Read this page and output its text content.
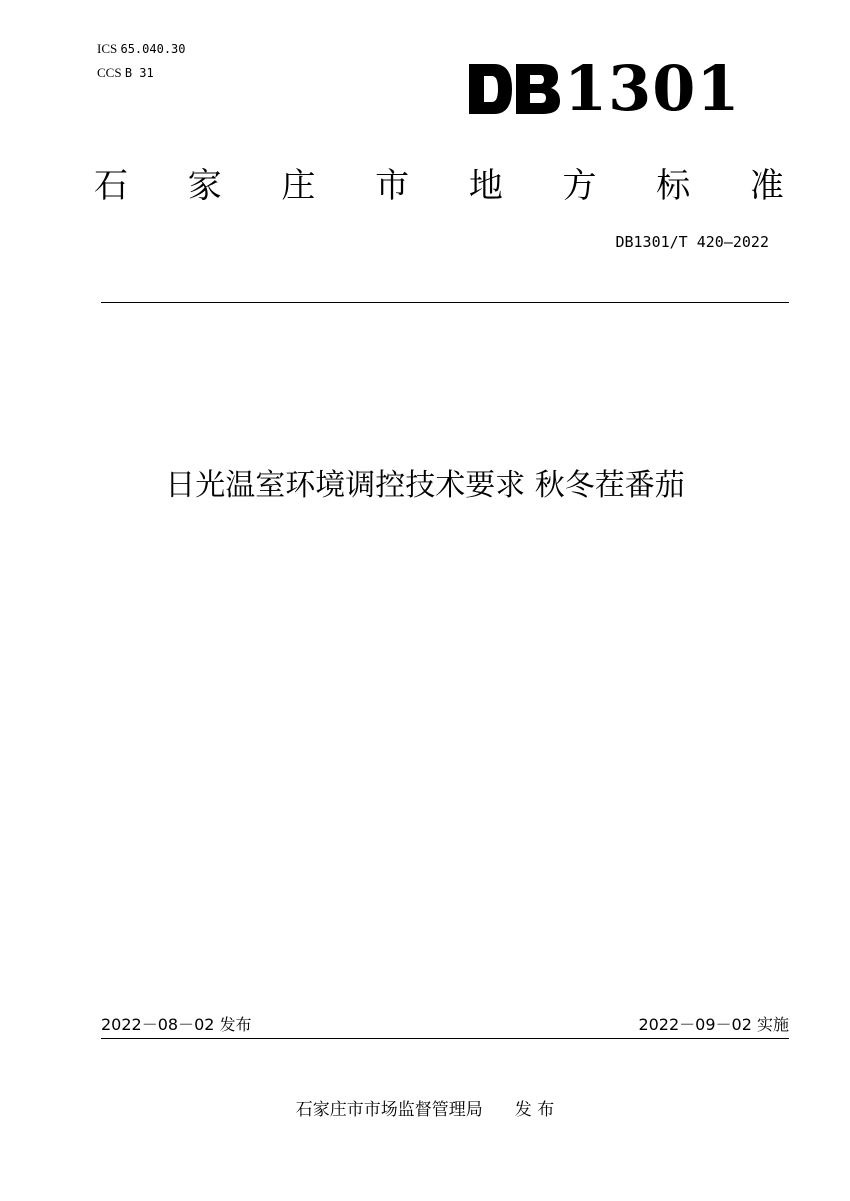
ICS 65.040.30
CCS B 31	1301
石 家 庄 市 地 方 标 准
DB1301/T 420—2022
日光温室环境调控技术要求 秋冬茬番茄
2022－08－02 发布	2022－09－02 实施
石家庄市市场监督管理局 发 布
